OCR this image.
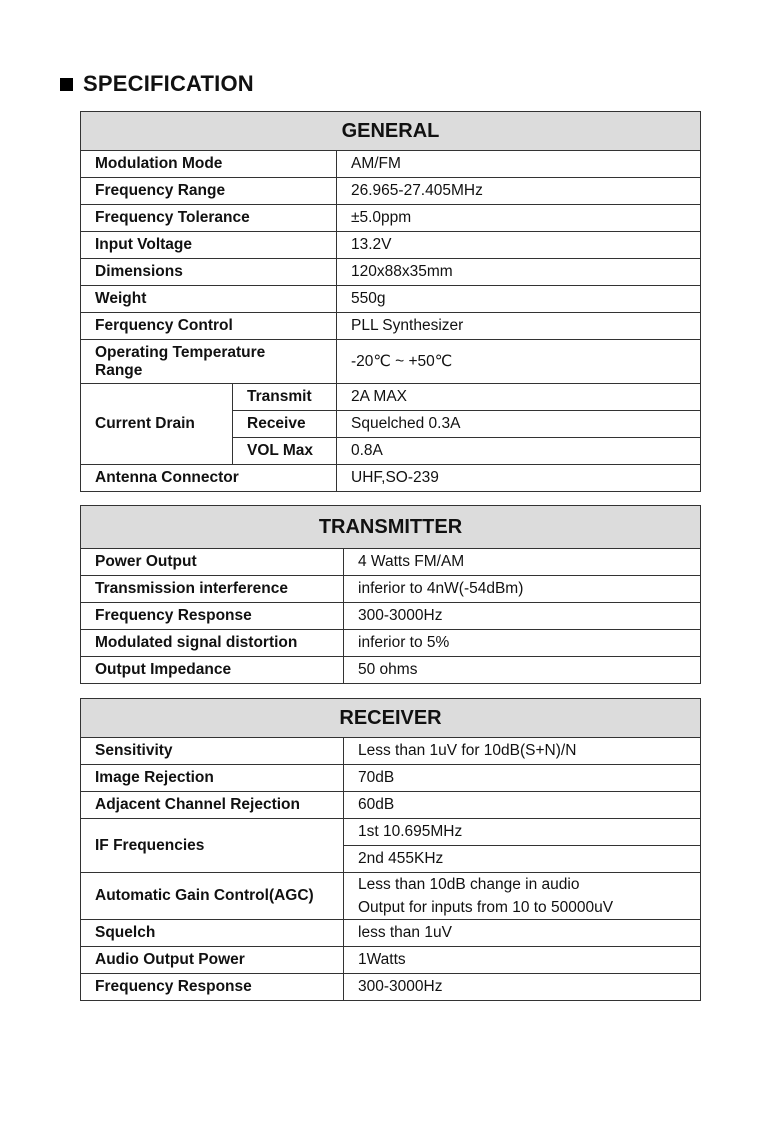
SPECIFICATION
GENERAL		
Modulation Mode		AM/FM
Frequency Range		26.965-27.405MHz
Frequency Tolerance		±5.0ppm
Input Voltage		13.2V
Dimensions		120x88x35mm
Weight		550g
Ferquency Control		PLL Synthesizer

Operating Temperature
Range		-20℃ ~ +50℃
Current Drain	Transmit	2A MAX
	Receive	Squelched 0.3A
	VOL Max	0.8A
Antenna Connector		UHF,SO-239
TRANSMITTER	
Power Output	4 Watts FM/AM
Transmission interference	inferior to 4nW(-54dBm)
Frequency Response	300-3000Hz
Modulated signal distortion	inferior to 5%
Output Impedance	50 ohms
RECEIVER	
Sensitivity	Less than 1uV for 10dB(S+N)/N
Image Rejection	70dB
Adjacent Channel Rejection	60dB
IF Frequencies	1st 10.695MHz
	2nd 455KHz
Automatic Gain Control(AGC)	Less than 10dB change in audio
Output for inputs from 10 to 50000uV

Squelch	less than 1uV
Audio Output Power	1Watts
Frequency Response	300-3000Hz
